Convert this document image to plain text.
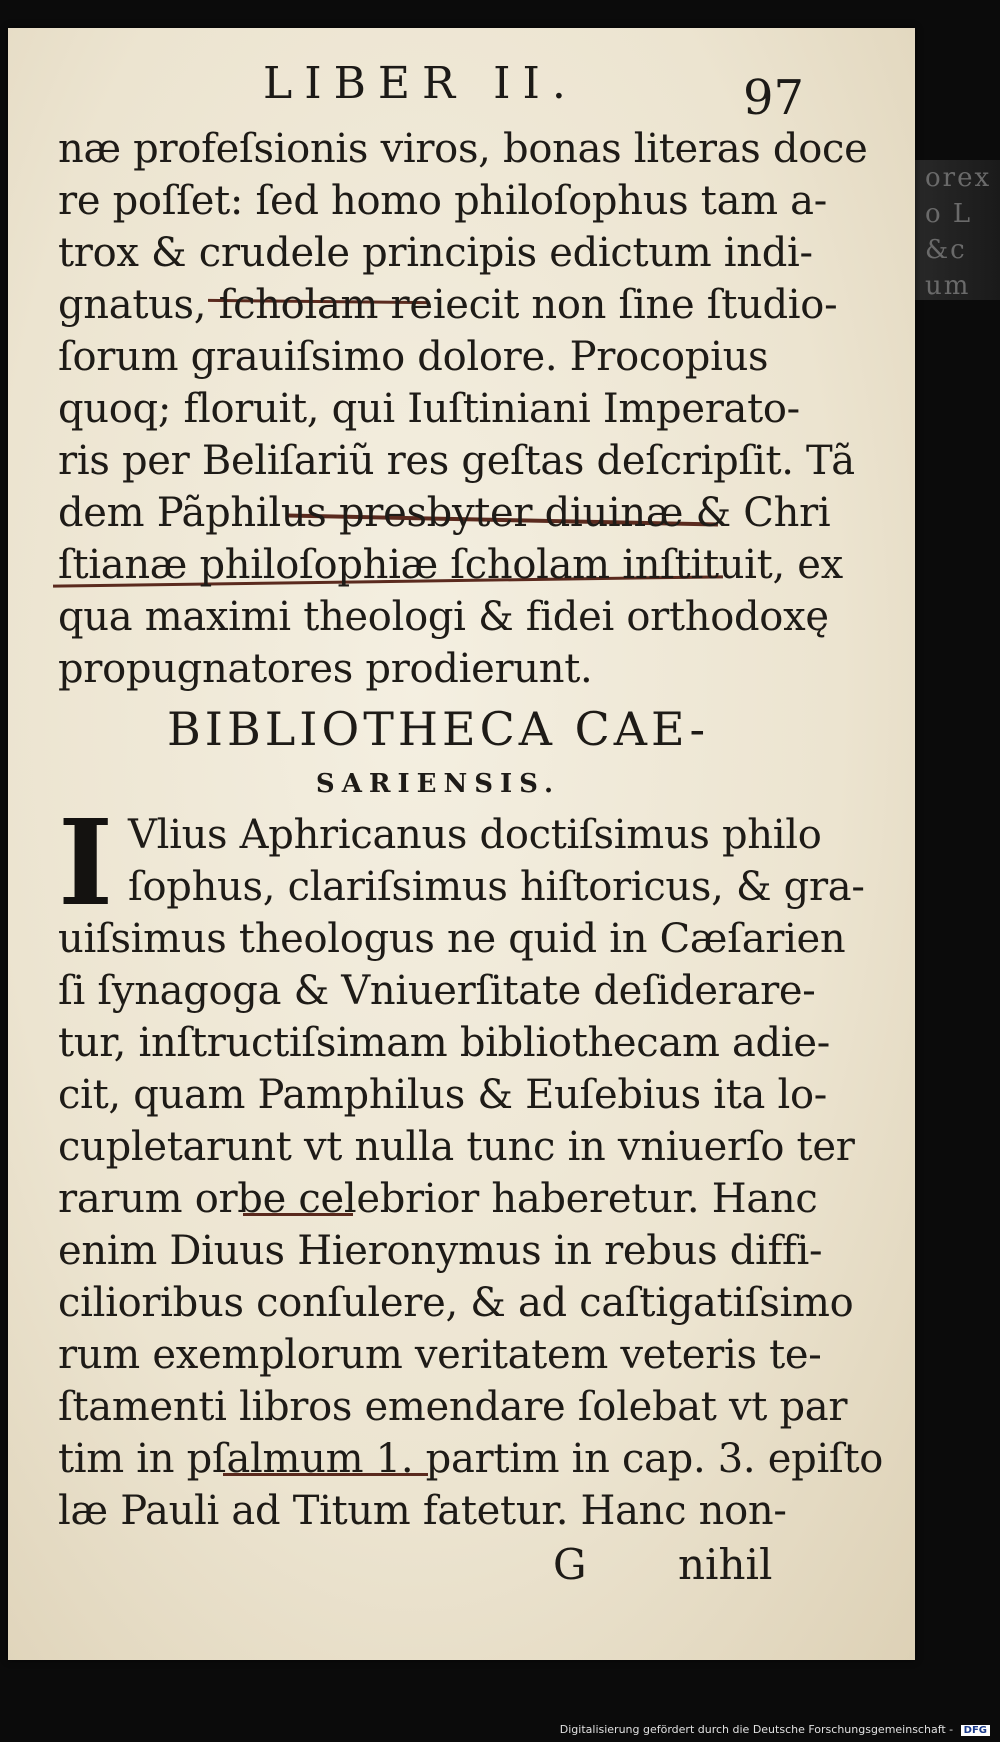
orex
o L
&c
um
LIBER II.	97
næ profeſsionis viros, bonas literas doce
re poſſet: ſed homo philoſophus tam a-
trox & crudele principis edictum indi-
gnatus, ſcholam reiecit non ſine ſtudio-
ſorum grauiſsimo dolore. Procopius
quoq; floruit, qui Iuſtiniani Imperato-
ris per Beliſariũ res geſtas deſcripſit. Tã
dem Pãphilus presbyter diuinæ & Chri
ſtianæ philoſophiæ ſcholam inſtituit, ex
qua maximi theologi & fidei orthodoxę
propugnatores prodierunt.
BIBLIOTHECA CAE-
SARIENSIS.
I Vlius Aphricanus doctiſsimus philo
ſophus, clariſsimus hiſtoricus, & gra-
uiſsimus theologus ne quid in Cæſarien
ſi ſynagoga & Vniuerſitate deſiderare-
tur, inſtructiſsimam bibliothecam adie-
cit, quam Pamphilus & Euſebius ita lo-
cupletarunt vt nulla tunc in vniuerſo ter
rarum orbe celebrior haberetur. Hanc
enim Diuus Hieronymus in rebus diffi-
cilioribus conſulere, & ad caſtigatiſsimo
rum exemplorum veritatem veteris te-
ſtamenti libros emendare ſolebat vt par
tim in pſalmum 1. partim in cap. 3. epiſto
læ Pauli ad Titum fatetur. Hanc non-
G nihil
Digitalisierung gefördert durch die Deutsche Forschungsgemeinschaft - DFG
